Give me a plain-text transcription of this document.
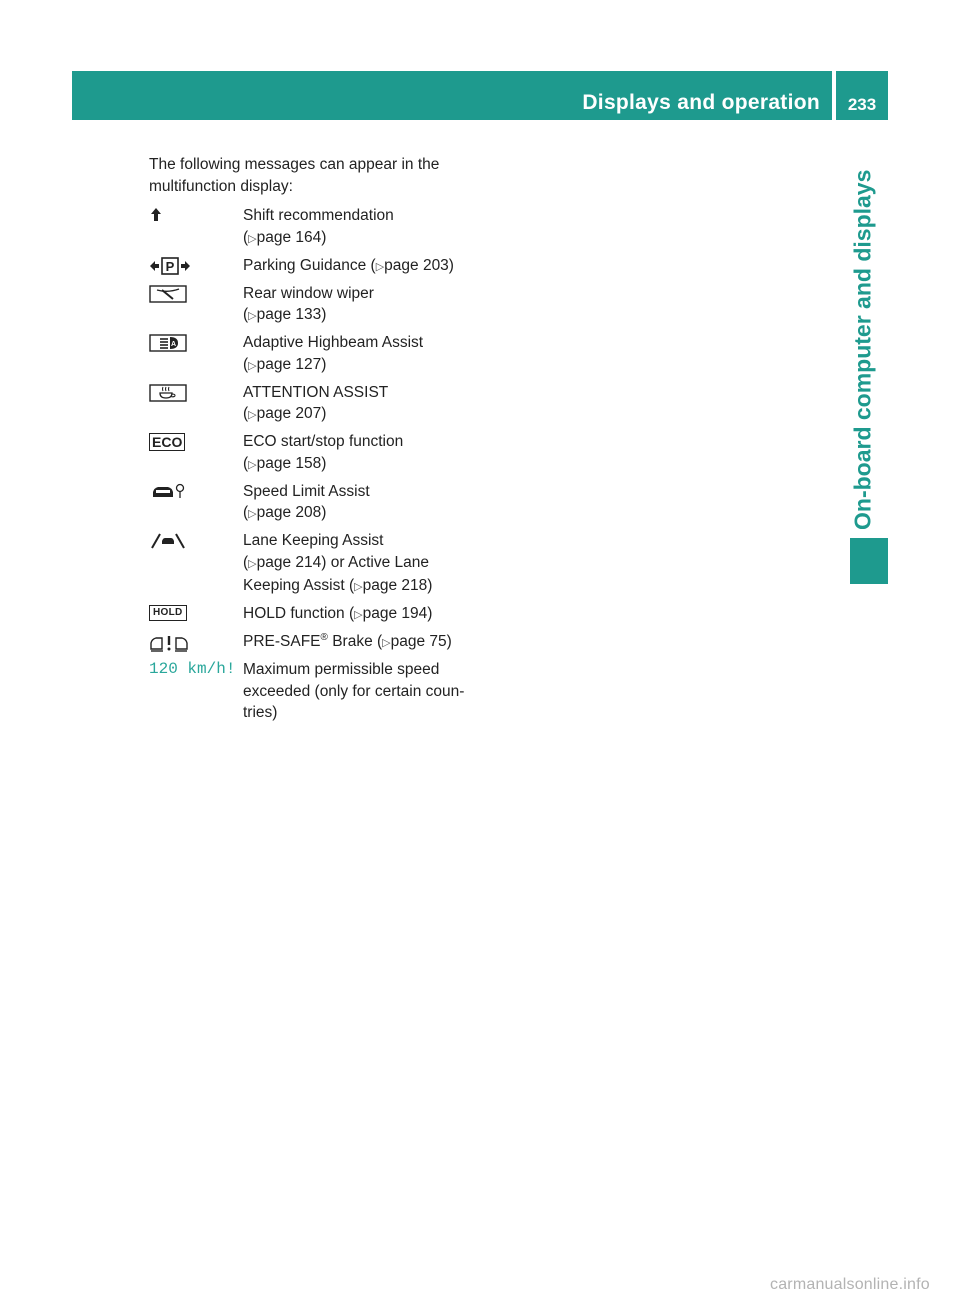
Displays and operation	233
On-board computer and displays

The following messages can appear in the
multifunction display:

Shift recommendation
(▷page 164)
P	Parking Guidance (▷page 203)
Rear window wiper
(▷page 133)
A	Adaptive Highbeam Assist
(▷page 127)
ATTENTION ASSIST
(▷page 207)
ECO	ECO start/stop function
(▷page 158)
Speed Limit Assist
(▷page 208)
Lane Keeping Assist
(▷page 214) or Active Lane
Keeping Assist (▷page 218)
HOLD	HOLD function (▷page 194)
PRE-SAFE® Brake (▷page 75)
120 km/h! Maximum permissible speed
exceeded (only for certain coun-
tries)
carmanualsonline.info
